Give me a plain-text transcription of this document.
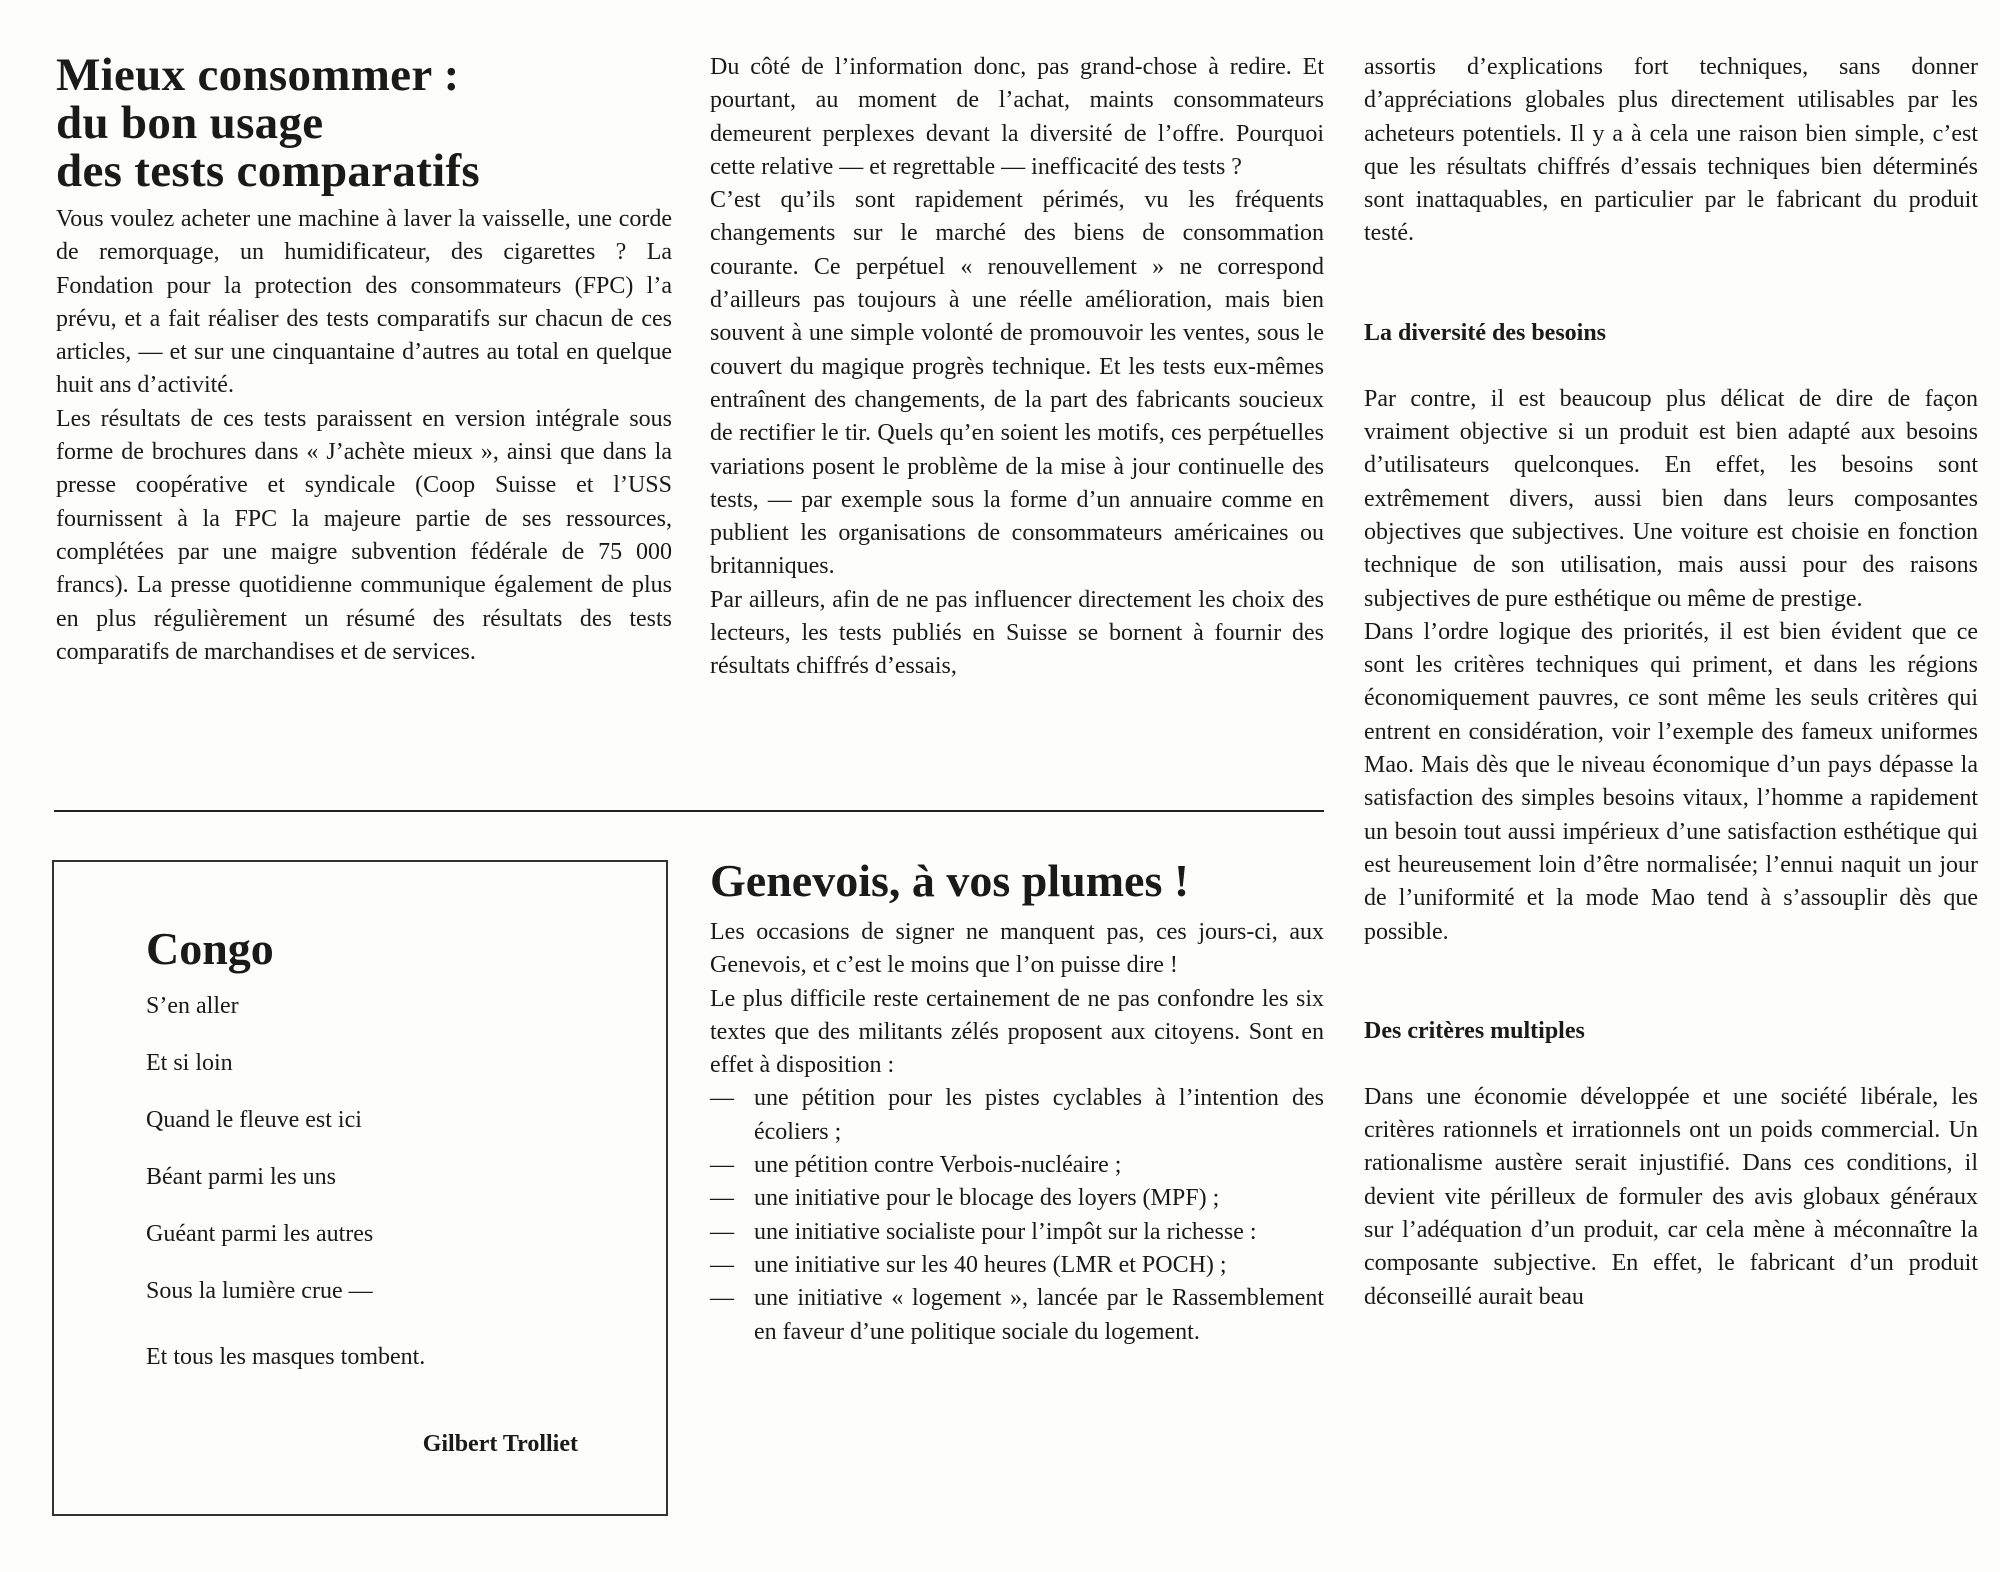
Mieux consommer :
du bon usage
des tests comparatifs

Vous voulez acheter une machine à laver la vaisselle, une corde de remorquage, un humidificateur, des cigarettes ? La Fondation pour la protection des consommateurs (FPC) l’a prévu, et a fait réaliser des tests comparatifs sur chacun de ces articles, — et sur une cinquantaine d’autres au total en quelque huit ans d’activité.

Les résultats de ces tests paraissent en version intégrale sous forme de brochures dans « J’achète mieux », ainsi que dans la presse coopérative et syndicale (Coop Suisse et l’USS fournissent à la FPC la majeure partie de ses ressources, complétées par une maigre subvention fédérale de 75 000 francs). La presse quotidienne communique également de plus en plus régulièrement un résumé des résultats des tests comparatifs de marchandises et de services.

Du côté de l’information donc, pas grand-chose à redire. Et pourtant, au moment de l’achat, maints consommateurs demeurent perplexes devant la diversité de l’offre. Pourquoi cette relative — et regrettable — inefficacité des tests ?

C’est qu’ils sont rapidement périmés, vu les fréquents changements sur le marché des biens de consommation courante. Ce perpétuel « renouvellement » ne correspond d’ailleurs pas toujours à une réelle amélioration, mais bien souvent à une simple volonté de promouvoir les ventes, sous le couvert du magique progrès technique. Et les tests eux-mêmes entraînent des changements, de la part des fabricants soucieux de rectifier le tir. Quels qu’en soient les motifs, ces perpétuelles variations posent le problème de la mise à jour continuelle des tests, — par exemple sous la forme d’un annuaire comme en publient les organisations de consommateurs américaines ou britanniques.

Par ailleurs, afin de ne pas influencer directement les choix des lecteurs, les tests publiés en Suisse se bornent à fournir des résultats chiffrés d’essais,

assortis d’explications fort techniques, sans donner d’appréciations globales plus directement utilisables par les acheteurs potentiels. Il y a à cela une raison bien simple, c’est que les résultats chiffrés d’essais techniques bien déterminés sont inattaquables, en particulier par le fabricant du produit testé.

La diversité des besoins

Par contre, il est beaucoup plus délicat de dire de façon vraiment objective si un produit est bien adapté aux besoins d’utilisateurs quelconques. En effet, les besoins sont extrêmement divers, aussi bien dans leurs composantes objectives que subjectives. Une voiture est choisie en fonction technique de son utilisation, mais aussi pour des raisons subjectives de pure esthétique ou même de prestige.

Dans l’ordre logique des priorités, il est bien évident que ce sont les critères techniques qui priment, et dans les régions économiquement pauvres, ce sont même les seuls critères qui entrent en considération, voir l’exemple des fameux uniformes Mao. Mais dès que le niveau économique d’un pays dépasse la satisfaction des simples besoins vitaux, l’homme a rapidement un besoin tout aussi impérieux d’une satisfaction esthétique qui est heureusement loin d’être normalisée; l’ennui naquit un jour de l’uniformité et la mode Mao tend à s’assouplir dès que possible.

Des critères multiples

Dans une économie développée et une société libérale, les critères rationnels et irrationnels ont un poids commercial. Un rationalisme austère serait injustifié. Dans ces conditions, il devient vite périlleux de formuler des avis globaux généraux sur l’adéquation d’un produit, car cela mène à méconnaître la composante subjective. En effet, le fabricant d’un produit déconseillé aurait beau

Congo

S’en aller

Et si loin

Quand le fleuve est ici

Béant parmi les uns

Guéant parmi les autres

Sous la lumière crue —

Et tous les masques tombent.

Gilbert Trolliet
Genevois, à vos plumes !

Les occasions de signer ne manquent pas, ces jours-ci, aux Genevois, et c’est le moins que l’on puisse dire !

Le plus difficile reste certainement de ne pas confondre les six textes que des militants zélés proposent aux citoyens. Sont en effet à disposition :

— une pétition pour les pistes cyclables à l’intention des écoliers ;
— une pétition contre Verbois-nucléaire ;
— une initiative pour le blocage des loyers (MPF) ;
— une initiative socialiste pour l’impôt sur la richesse :
— une initiative sur les 40 heures (LMR et POCH) ;
— une initiative « logement », lancée par le Rassemblement en faveur d’une politique sociale du logement.
